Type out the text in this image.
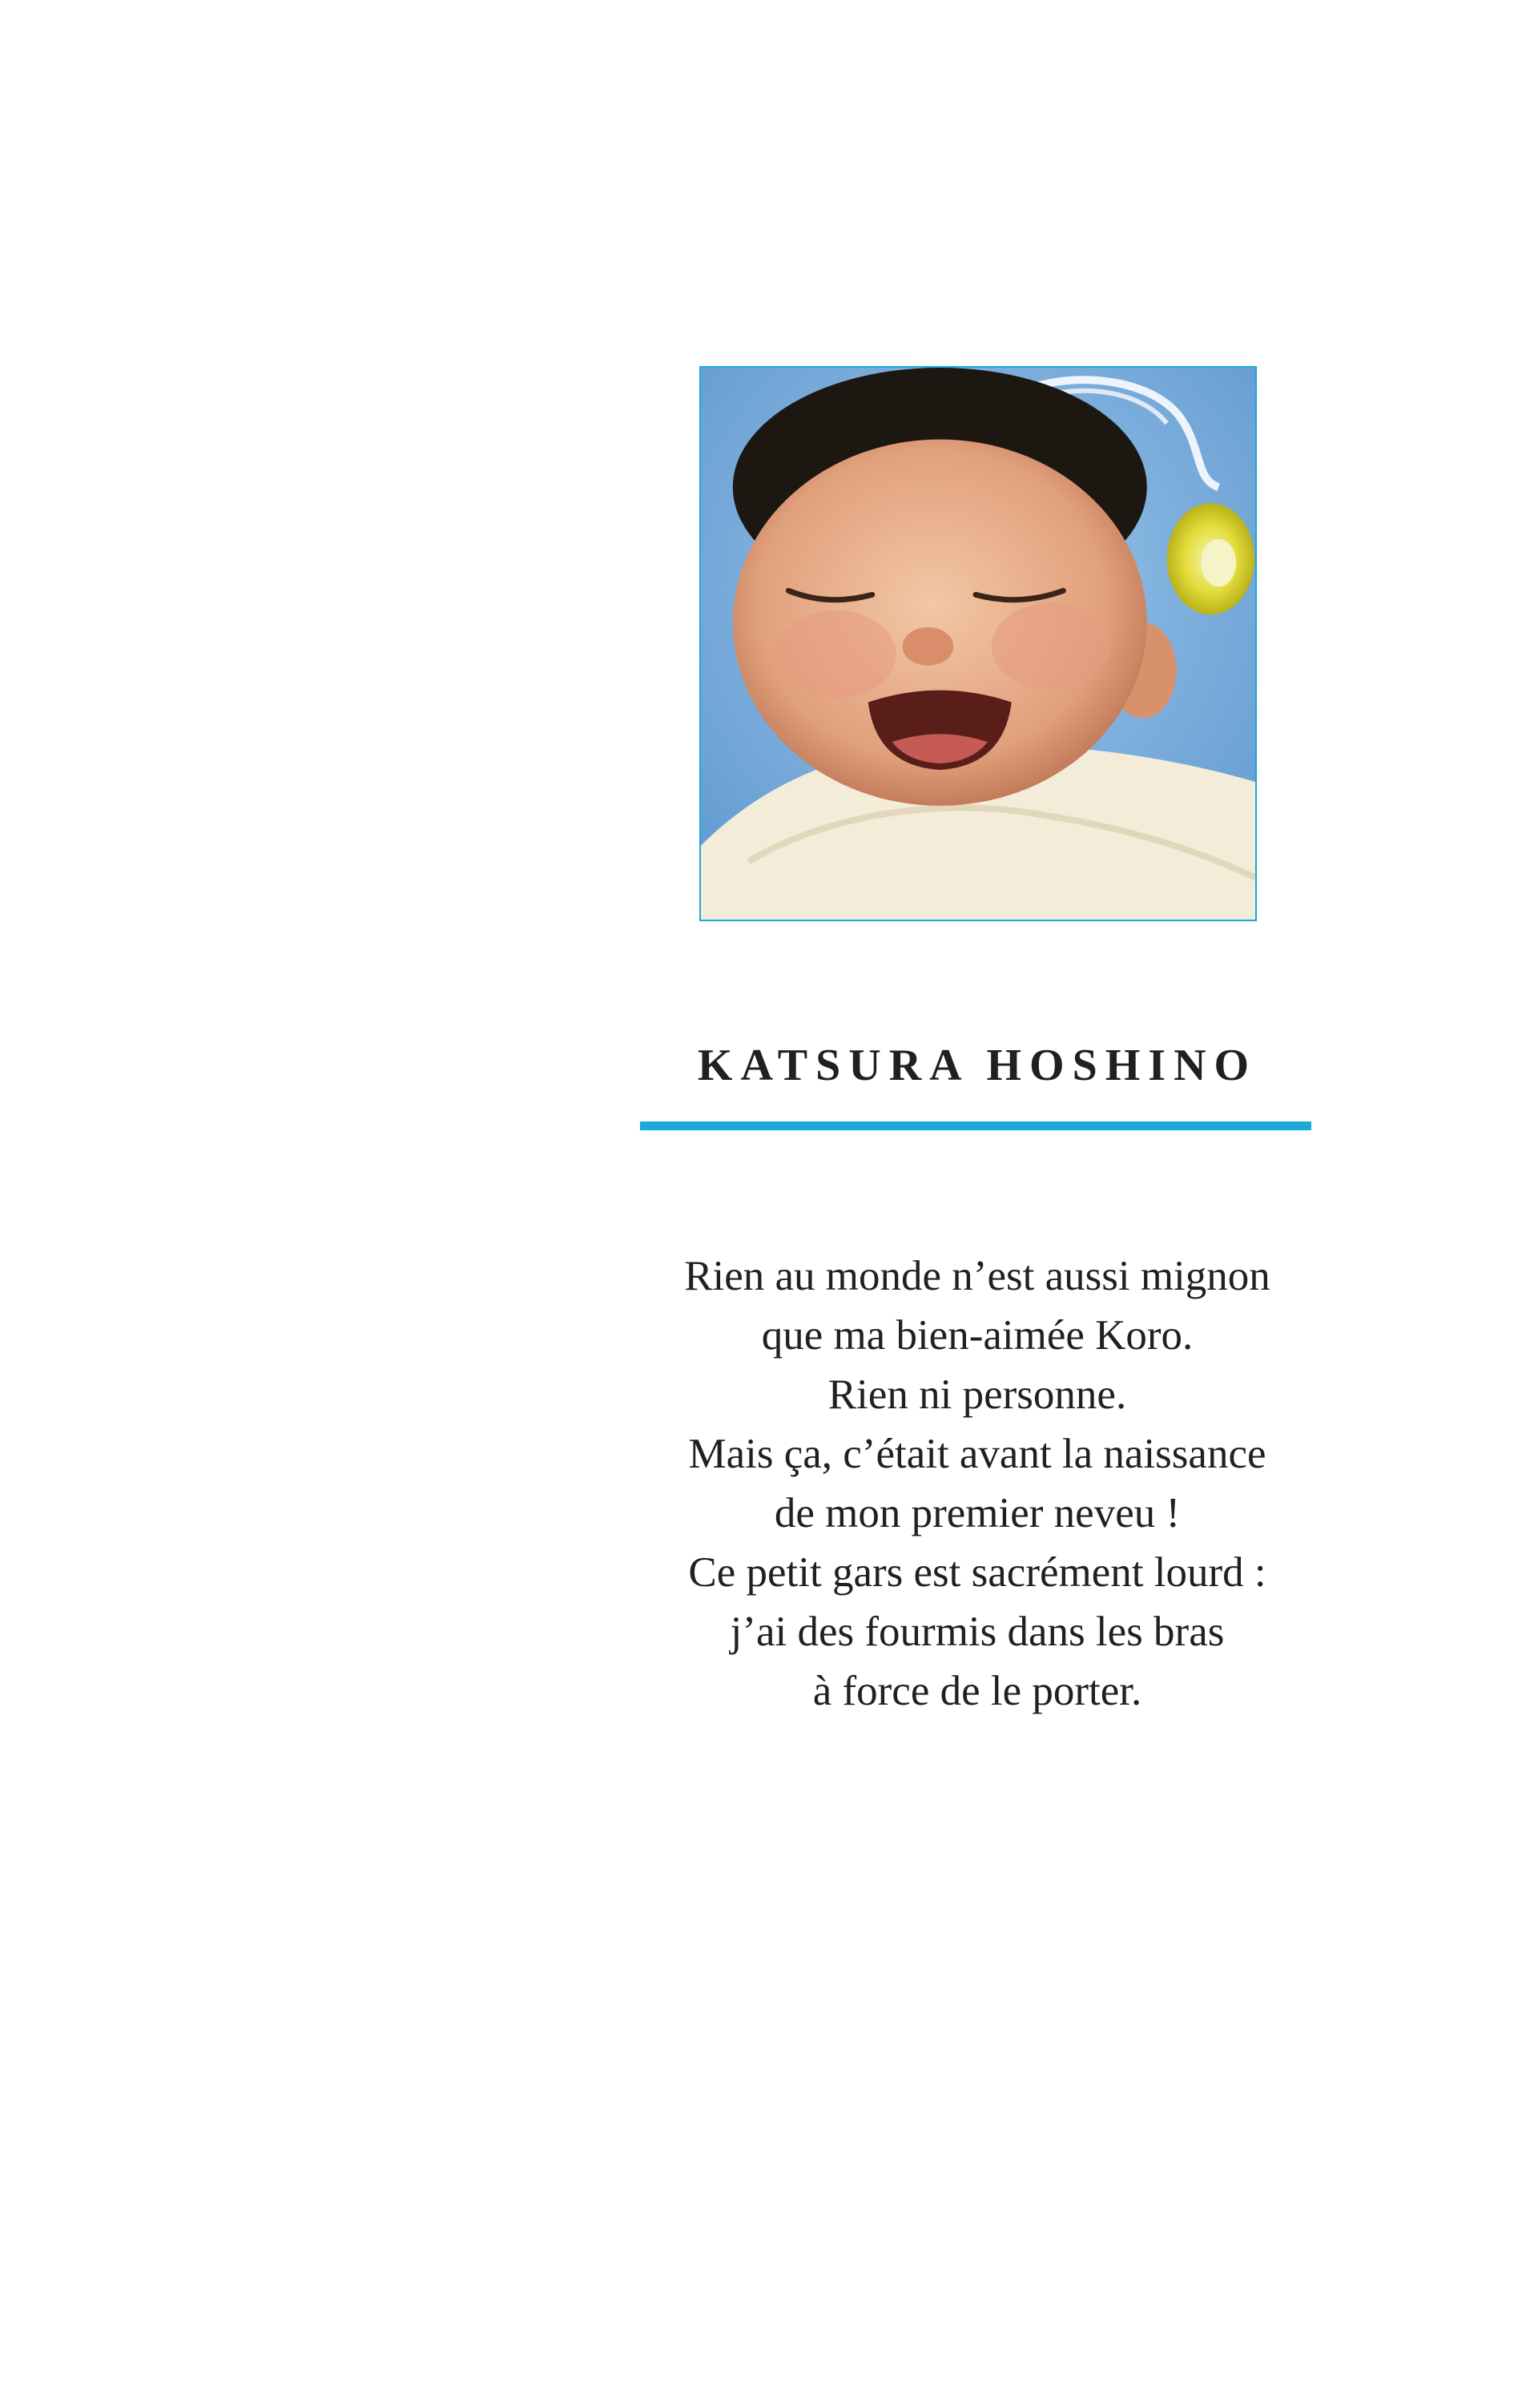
KATSURA HOSHINO
Rien au monde n’est aussi mignon
que ma bien-aimée Koro.
Rien ni personne.
Mais ça, c’était avant la naissance
de mon premier neveu !
Ce petit gars est sacrément lourd :
j’ai des fourmis dans les bras
à force de le porter.
